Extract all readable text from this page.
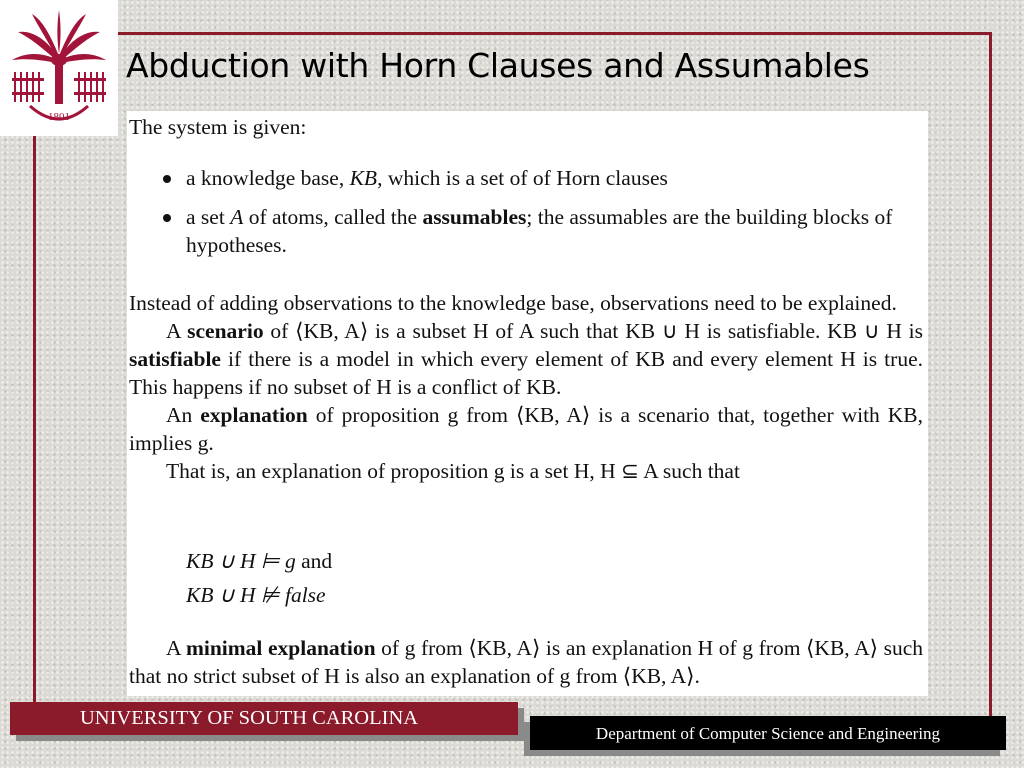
1801
Abduction with Horn Clauses and Assumables

The system is given:

a knowledge base, KB, which is a set of of Horn clauses
a set A of atoms, called the assumables; the assumables are the building blocks of hypotheses.

Instead of adding observations to the knowledge base, observations need to be explained.

A scenario of ⟨KB, A⟩ is a subset H of A such that KB ∪ H is satisfiable. KB ∪ H is satisfiable if there is a model in which every element of KB and every element H is true. This happens if no subset of H is a conflict of KB.

An explanation of proposition g from ⟨KB, A⟩ is a scenario that, together with KB, implies g.

That is, an explanation of proposition g is a set H, H ⊆ A such that

KB ∪ H ⊨ g and

KB ∪ H ⊭ false

A minimal explanation of g from ⟨KB, A⟩ is an explanation H of g from ⟨KB, A⟩ such that no strict subset of H is also an explanation of g from ⟨KB, A⟩.

UNIVERSITY OF SOUTH CAROLINA
Department of Computer Science and Engineering
